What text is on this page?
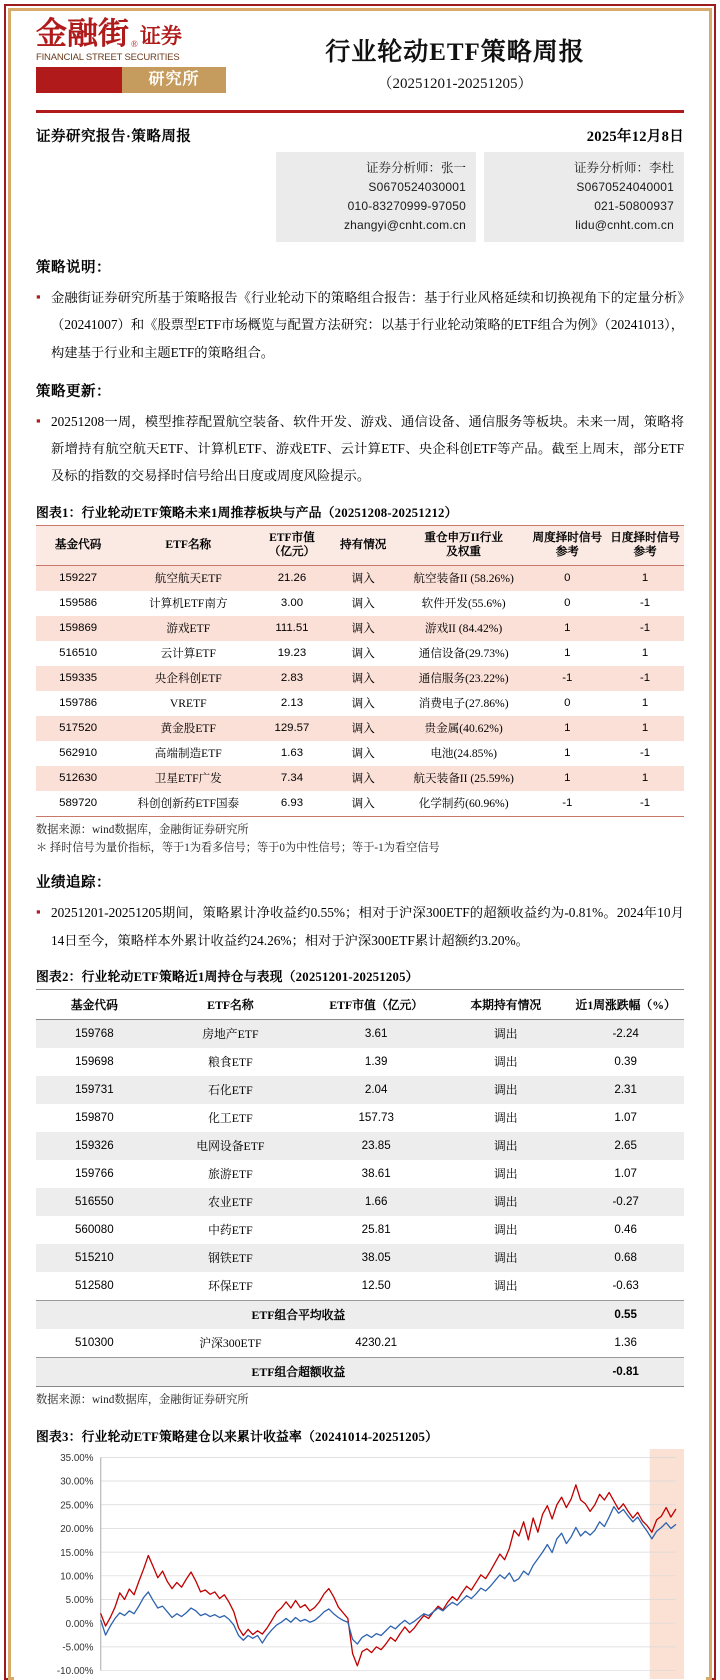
金融街 ® 证券
FINANCIAL STREET SECURITIES
研究所
行业轮动ETF策略周报
（20251201-20251205）
证券研究报告·策略周报	2025年12月8日
证券分析师：张一
S0670524030001
010-83270999-97050
zhangyi@cnht.com.cn
证券分析师：李杜
S0670524040001
021-50800937
lidu@cnht.com.cn
策略说明：
▪ 金融街证券研究所基于策略报告《行业轮动下的策略组合报告：基于行业风格延续和切换视角下的定量分析》（20241007）和《股票型ETF市场概览与配置方法研究：以基于行业轮动策略的ETF组合为例》（20241013），构建基于行业和主题ETF的策略组合。

策略更新：
▪ 20251208一周，模型推荐配置航空装备、软件开发、游戏、通信设备、通信服务等板块。未来一周，策略将新增持有航空航天ETF、计算机ETF、游戏ETF、云计算ETF、央企科创ETF等产品。截至上周末，部分ETF及标的指数的交易择时信号给出日度或周度风险提示。

图表1：行业轮动ETF策略未来1周推荐板块与产品（20251208-20251212）
基金代码	ETF名称	ETF市值
（亿元）	持有情况	重仓申万II行业
及权重	周度择时信号
参考	日度择时信号
参考
159227	航空航天ETF	21.26	调入	航空装备II (58.26%)	0	1
159586	计算机ETF南方	3.00	调入	软件开发(55.6%)	0	-1
159869	游戏ETF	111.51	调入	游戏II (84.42%)	1	-1
516510	云计算ETF	19.23	调入	通信设备(29.73%)	1	1
159335	央企科创ETF	2.83	调入	通信服务(23.22%)	-1	-1
159786	VRETF	2.13	调入	消费电子(27.86%)	0	1
517520	黄金股ETF	129.57	调入	贵金属(40.62%)	1	1
562910	高端制造ETF	1.63	调入	电池(24.85%)	1	-1
512630	卫星ETF广发	7.34	调入	航天装备II (25.59%)	1	1
589720	科创创新药ETF国泰	6.93	调入	化学制药(60.96%)	-1	-1
数据来源：wind数据库，金融街证券研究所
＊ 择时信号为量价指标，等于1为看多信号；等于0为中性信号；等于-1为看空信号
业绩追踪：
▪ 20251201-20251205期间，策略累计净收益约0.55%；相对于沪深300ETF的超额收益约为-0.81%。2024年10月14日至今，策略样本外累计收益约24.26%；相对于沪深300ETF累计超额约3.20%。

图表2：行业轮动ETF策略近1周持仓与表现（20251201-20251205）
基金代码	ETF名称	ETF市值（亿元）	本期持有情况	近1周涨跌幅（%）
159768	房地产ETF	3.61	调出	-2.24
159698	粮食ETF	1.39	调出	0.39
159731	石化ETF	2.04	调出	2.31
159870	化工ETF	157.73	调出	1.07
159326	电网设备ETF	23.85	调出	2.65
159766	旅游ETF	38.61	调出	1.07
516550	农业ETF	1.66	调出	-0.27
560080	中药ETF	25.81	调出	0.46
515210	钢铁ETF	38.05	调出	0.68
512580	环保ETF	12.50	调出	-0.63
	ETF组合平均收益			0.55
510300	沪深300ETF	4230.21		1.36
	ETF组合超额收益			-0.81
数据来源：wind数据库，金融街证券研究所
图表3：行业轮动ETF策略建仓以来累计收益率（20241014-20251205）
35.00%
30.00%
25.00%
20.00%
15.00%
10.00%
5.00%
0.00%
-5.00%
-10.00%
